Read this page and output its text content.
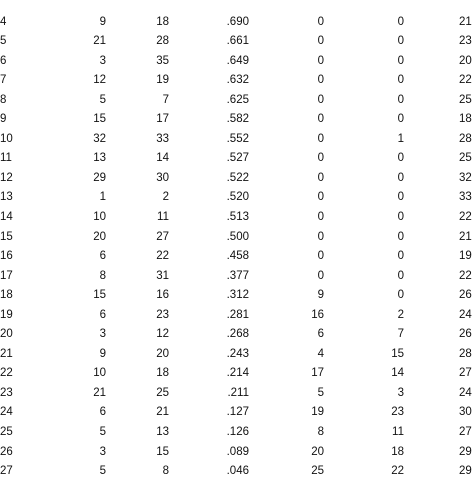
4	9	18	.690	0	0	21
5	21	28	.661	0	0	23
6	3	35	.649	0	0	20
7	12	19	.632	0	0	22
8	5	7	.625	0	0	25
9	15	17	.582	0	0	18
10	32	33	.552	0	1	28
11	13	14	.527	0	0	25
12	29	30	.522	0	0	32
13	1	2	.520	0	0	33
14	10	11	.513	0	0	22
15	20	27	.500	0	0	21
16	6	22	.458	0	0	19
17	8	31	.377	0	0	22
18	15	16	.312	9	0	26
19	6	23	.281	16	2	24
20	3	12	.268	6	7	26
21	9	20	.243	4	15	28
22	10	18	.214	17	14	27
23	21	25	.211	5	3	24
24	6	21	.127	19	23	30
25	5	13	.126	8	11	27
26	3	15	.089	20	18	29
27	5	8	.046	25	22	29
